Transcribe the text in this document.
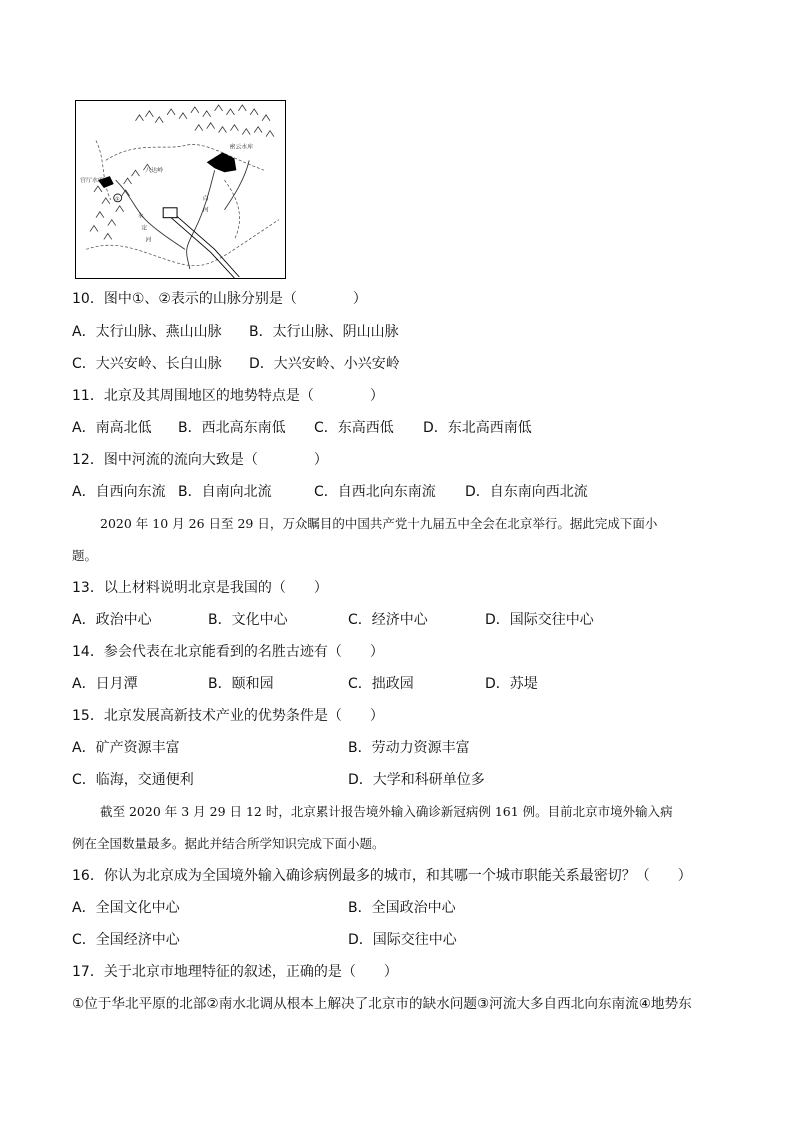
八达岭
官厅水库
密云水库
永
定
河
白
河
①
10．图中①、②表示的山脉分别是（　　　　）
A．太行山脉、燕山山脉 B．太行山脉、阴山山脉
C．大兴安岭、长白山脉 D．大兴安岭、小兴安岭
11．北京及其周围地区的地势特点是（　　　　）
A．南高北低 B．西北高东南低 C．东高西低 D．东北高西南低
12．图中河流的流向大致是（　　　　）
A．自西向东流 B．自南向北流	C．自西北向东南流 D．自东南向西北流
2020 年 10 月 26 日至 29 日，万众瞩目的中国共产党十九届五中全会在北京举行。据此完成下面小
题。
13．以上材料说明北京是我国的（　　）
A．政治中心	B．文化中心	C．经济中心	D．国际交往中心
14．参会代表在北京能看到的名胜古迹有（　　）
A．日月潭	B．颐和园	C．拙政园	D．苏堤
15．北京发展高新技术产业的优势条件是（　　）
A．矿产资源丰富	B．劳动力资源丰富
C．临海，交通便利	D．大学和科研单位多
截至 2020 年 3 月 29 日 12 时，北京累计报告境外输入确诊新冠病例 161 例。目前北京市境外输入病
例在全国数量最多。据此并结合所学知识完成下面小题。
16．你认为北京成为全国境外输入确诊病例最多的城市，和其哪一个城市职能关系最密切？（　　）
A．全国文化中心	B．全国政治中心
C．全国经济中心	D．国际交往中心
17．关于北京市地理特征的叙述，正确的是（　　）
①位于华北平原的北部②南水北调从根本上解决了北京市的缺水问题③河流大多自西北向东南流④地势东
